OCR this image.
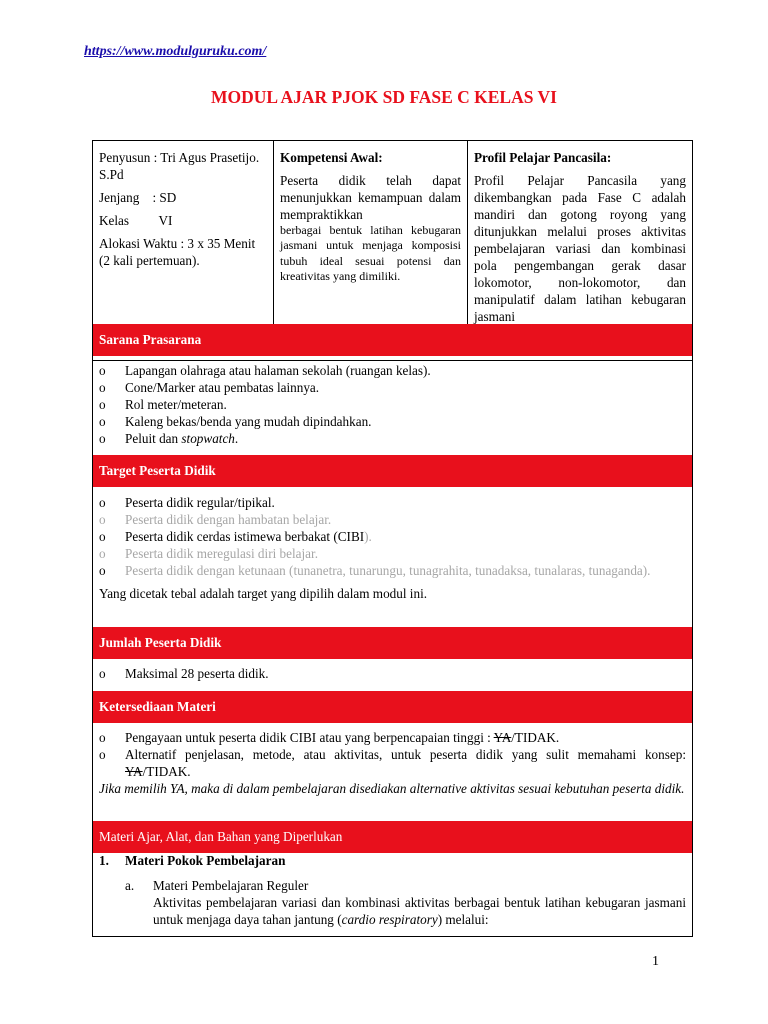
https://www.modulguruku.com/
MODUL AJAR PJOK SD FASE C KELAS VI

Penyusun : Tri Agus Prasetijo. S.Pd

Jenjang    : SD

Kelas         VI

Alokasi Waktu : 3 x 35 Menit (2 kali pertemuan).

Kompetensi Awal:

Peserta didik telah dapat menunjukkan kemampuan dalam mempraktikkan

berbagai bentuk latihan kebugaran jasmani untuk menjaga komposisi tubuh ideal sesuai potensi dan kreativitas yang dimiliki.

Profil Pelajar Pancasila:

Profil Pelajar Pancasila yang dikembangkan pada Fase C adalah mandiri dan gotong royong yang ditunjukkan melalui proses aktivitas pembelajaran variasi dan kombinasi pola pengembangan gerak dasar lokomotor, non-lokomotor, dan manipulatif dalam latihan kebugaran jasmani

Sarana Prasarana
o Lapangan olahraga atau halaman sekolah (ruangan kelas).
o Cone/Marker atau pembatas lainnya.
o Rol meter/meteran.
o Kaleng bekas/benda yang mudah dipindahkan.
o Peluit dan stopwatch.
Target Peserta Didik
o Peserta didik regular/tipikal.
o Peserta didik dengan hambatan belajar.
o Peserta didik cerdas istimewa berbakat (CIBI).
o Peserta didik meregulasi diri belajar.
o Peserta didik dengan ketunaan (tunanetra, tunarungu, tunagrahita, tunadaksa, tunalaras, tunaganda).
Yang dicetak tebal adalah target yang dipilih dalam modul ini.
Jumlah Peserta Didik
o Maksimal 28 peserta didik.
Ketersediaan Materi
o Pengayaan untuk peserta didik CIBI atau yang berpencapaian tinggi : YA/TIDAK.
o Alternatif penjelasan, metode, atau aktivitas, untuk peserta didik yang sulit memahami konsep: YA/TIDAK.
Jika memilih YA, maka di dalam pembelajaran disediakan alternative aktivitas sesuai kebutuhan peserta didik.
Materi Ajar, Alat, dan Bahan yang Diperlukan
1. Materi Pokok Pembelajaran
a. Materi Pembelajaran Reguler
Aktivitas pembelajaran variasi dan kombinasi aktivitas berbagai bentuk latihan kebugaran jasmani untuk menjaga daya tahan jantung (cardio respiratory) melalui:
1
